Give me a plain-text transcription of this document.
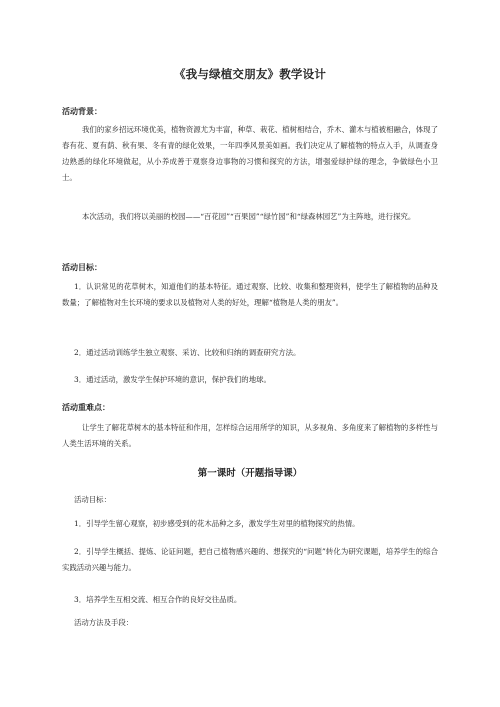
《我与绿植交朋友》教学设计
活动背景：
我们的家乡招远环境优美，植物资源尤为丰富，种草、栽花、植树相结合，乔木、灌木与植被相融合，体现了春有花、夏有荫、秋有果、冬有青的绿化效果，一年四季风景美如画。我们决定从了解植物的特点入手，从调查身边熟悉的绿化环境做起，从小养成善于观察身边事物的习惯和探究的方法，增强爱绿护绿的理念，争做绿色小卫士。
本次活动，我们将以美丽的校园——“百花园”“百果园”“绿竹园”和“绿森林园艺”为主阵地，进行探究。
活动目标：
1．认识常见的花草树木，知道他们的基本特征。通过观察、比较、收集和整理资料，使学生了解植物的品种及数量；了解植物对生长环境的要求以及植物对人类的好处，理解“植物是人类的朋友”。
2．通过活动训练学生独立观察、采访、比较和归纳的调查研究方法。
3．通过活动，激发学生保护环境的意识，保护我们的地球。
活动重难点：
让学生了解花草树木的基本特征和作用，怎样综合运用所学的知识，从多视角、多角度来了解植物的多样性与人类生活环境的关系。
第一课时（开题指导课）
活动目标：
1．引导学生留心观察，初步感受到的花木品种之多，激发学生对里的植物探究的热情。
2．引导学生概括、提炼、论证问题，把自己植物感兴趣的、想探究的“问题”转化为研究课题，培养学生的综合实践活动兴趣与能力。
3．培养学生互相交流、相互合作的良好交往品质。
活动方法及手段：
